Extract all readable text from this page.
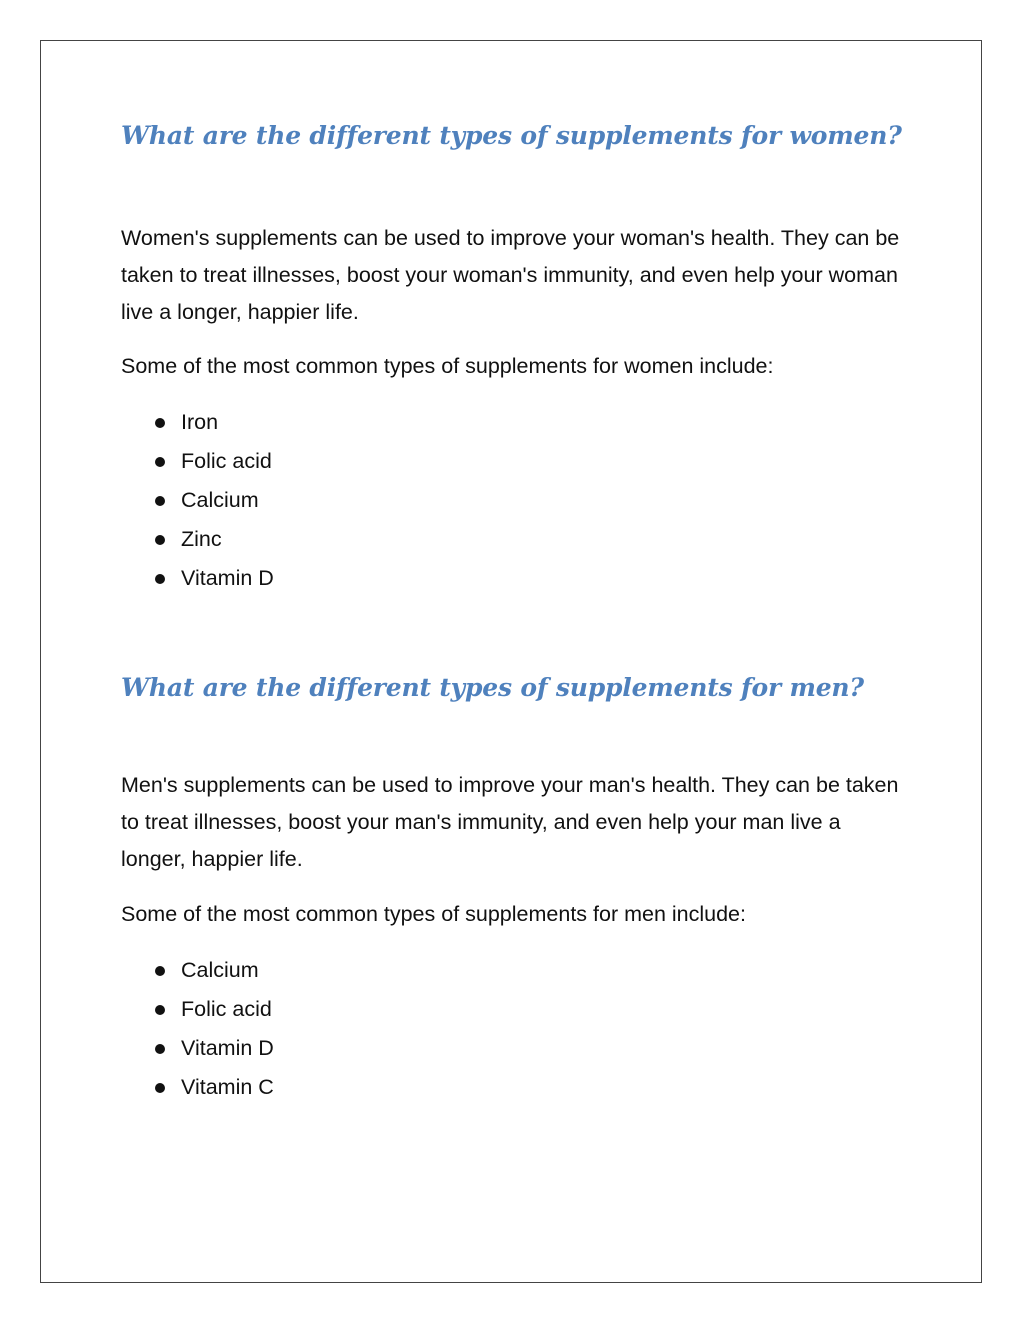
What are the different types of supplements for women?

Women's supplements can be used to improve your woman's health. They can be taken to treat illnesses, boost your woman's immunity, and even help your woman live a longer, happier life.

Some of the most common types of supplements for women include:

Iron
Folic acid
Calcium
Zinc
Vitamin D
What are the different types of supplements for men?

Men's supplements can be used to improve your man's health. They can be taken to treat illnesses, boost your man's immunity, and even help your man live a longer, happier life.

Some of the most common types of supplements for men include:

Calcium
Folic acid
Vitamin D
Vitamin C
